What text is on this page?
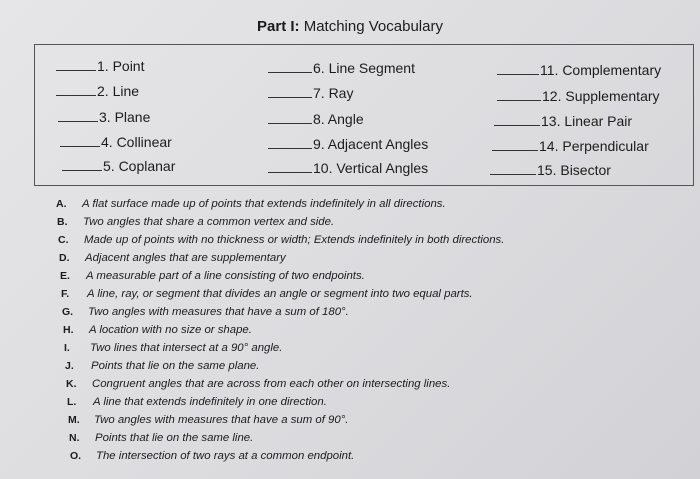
Part I: Matching Vocabulary
1. Point
2. Line
3. Plane
4. Collinear
5. Coplanar
6. Line Segment
7. Ray
8. Angle
9. Adjacent Angles
10. Vertical Angles
11. Complementary
12. Supplementary
13. Linear Pair
14. Perpendicular
15. Bisector
A.	A flat surface made up of points that extends indefinitely in all directions.
B.	Two angles that share a common vertex and side.
C.	Made up of points with no thickness or width; Extends indefinitely in both directions.
D.	Adjacent angles that are supplementary
E.	A measurable part of a line consisting of two endpoints.
F.	A line, ray, or segment that divides an angle or segment into two equal parts.
G.	Two angles with measures that have a sum of 180°.
H.	A location with no size or shape.
I.	Two lines that intersect at a 90° angle.
J.	Points that lie on the same plane.
K.	Congruent angles that are across from each other on intersecting lines.
L.	A line that extends indefinitely in one direction.
M.	Two angles with measures that have a sum of 90°.
N.	Points that lie on the same line.
O.	The intersection of two rays at a common endpoint.
